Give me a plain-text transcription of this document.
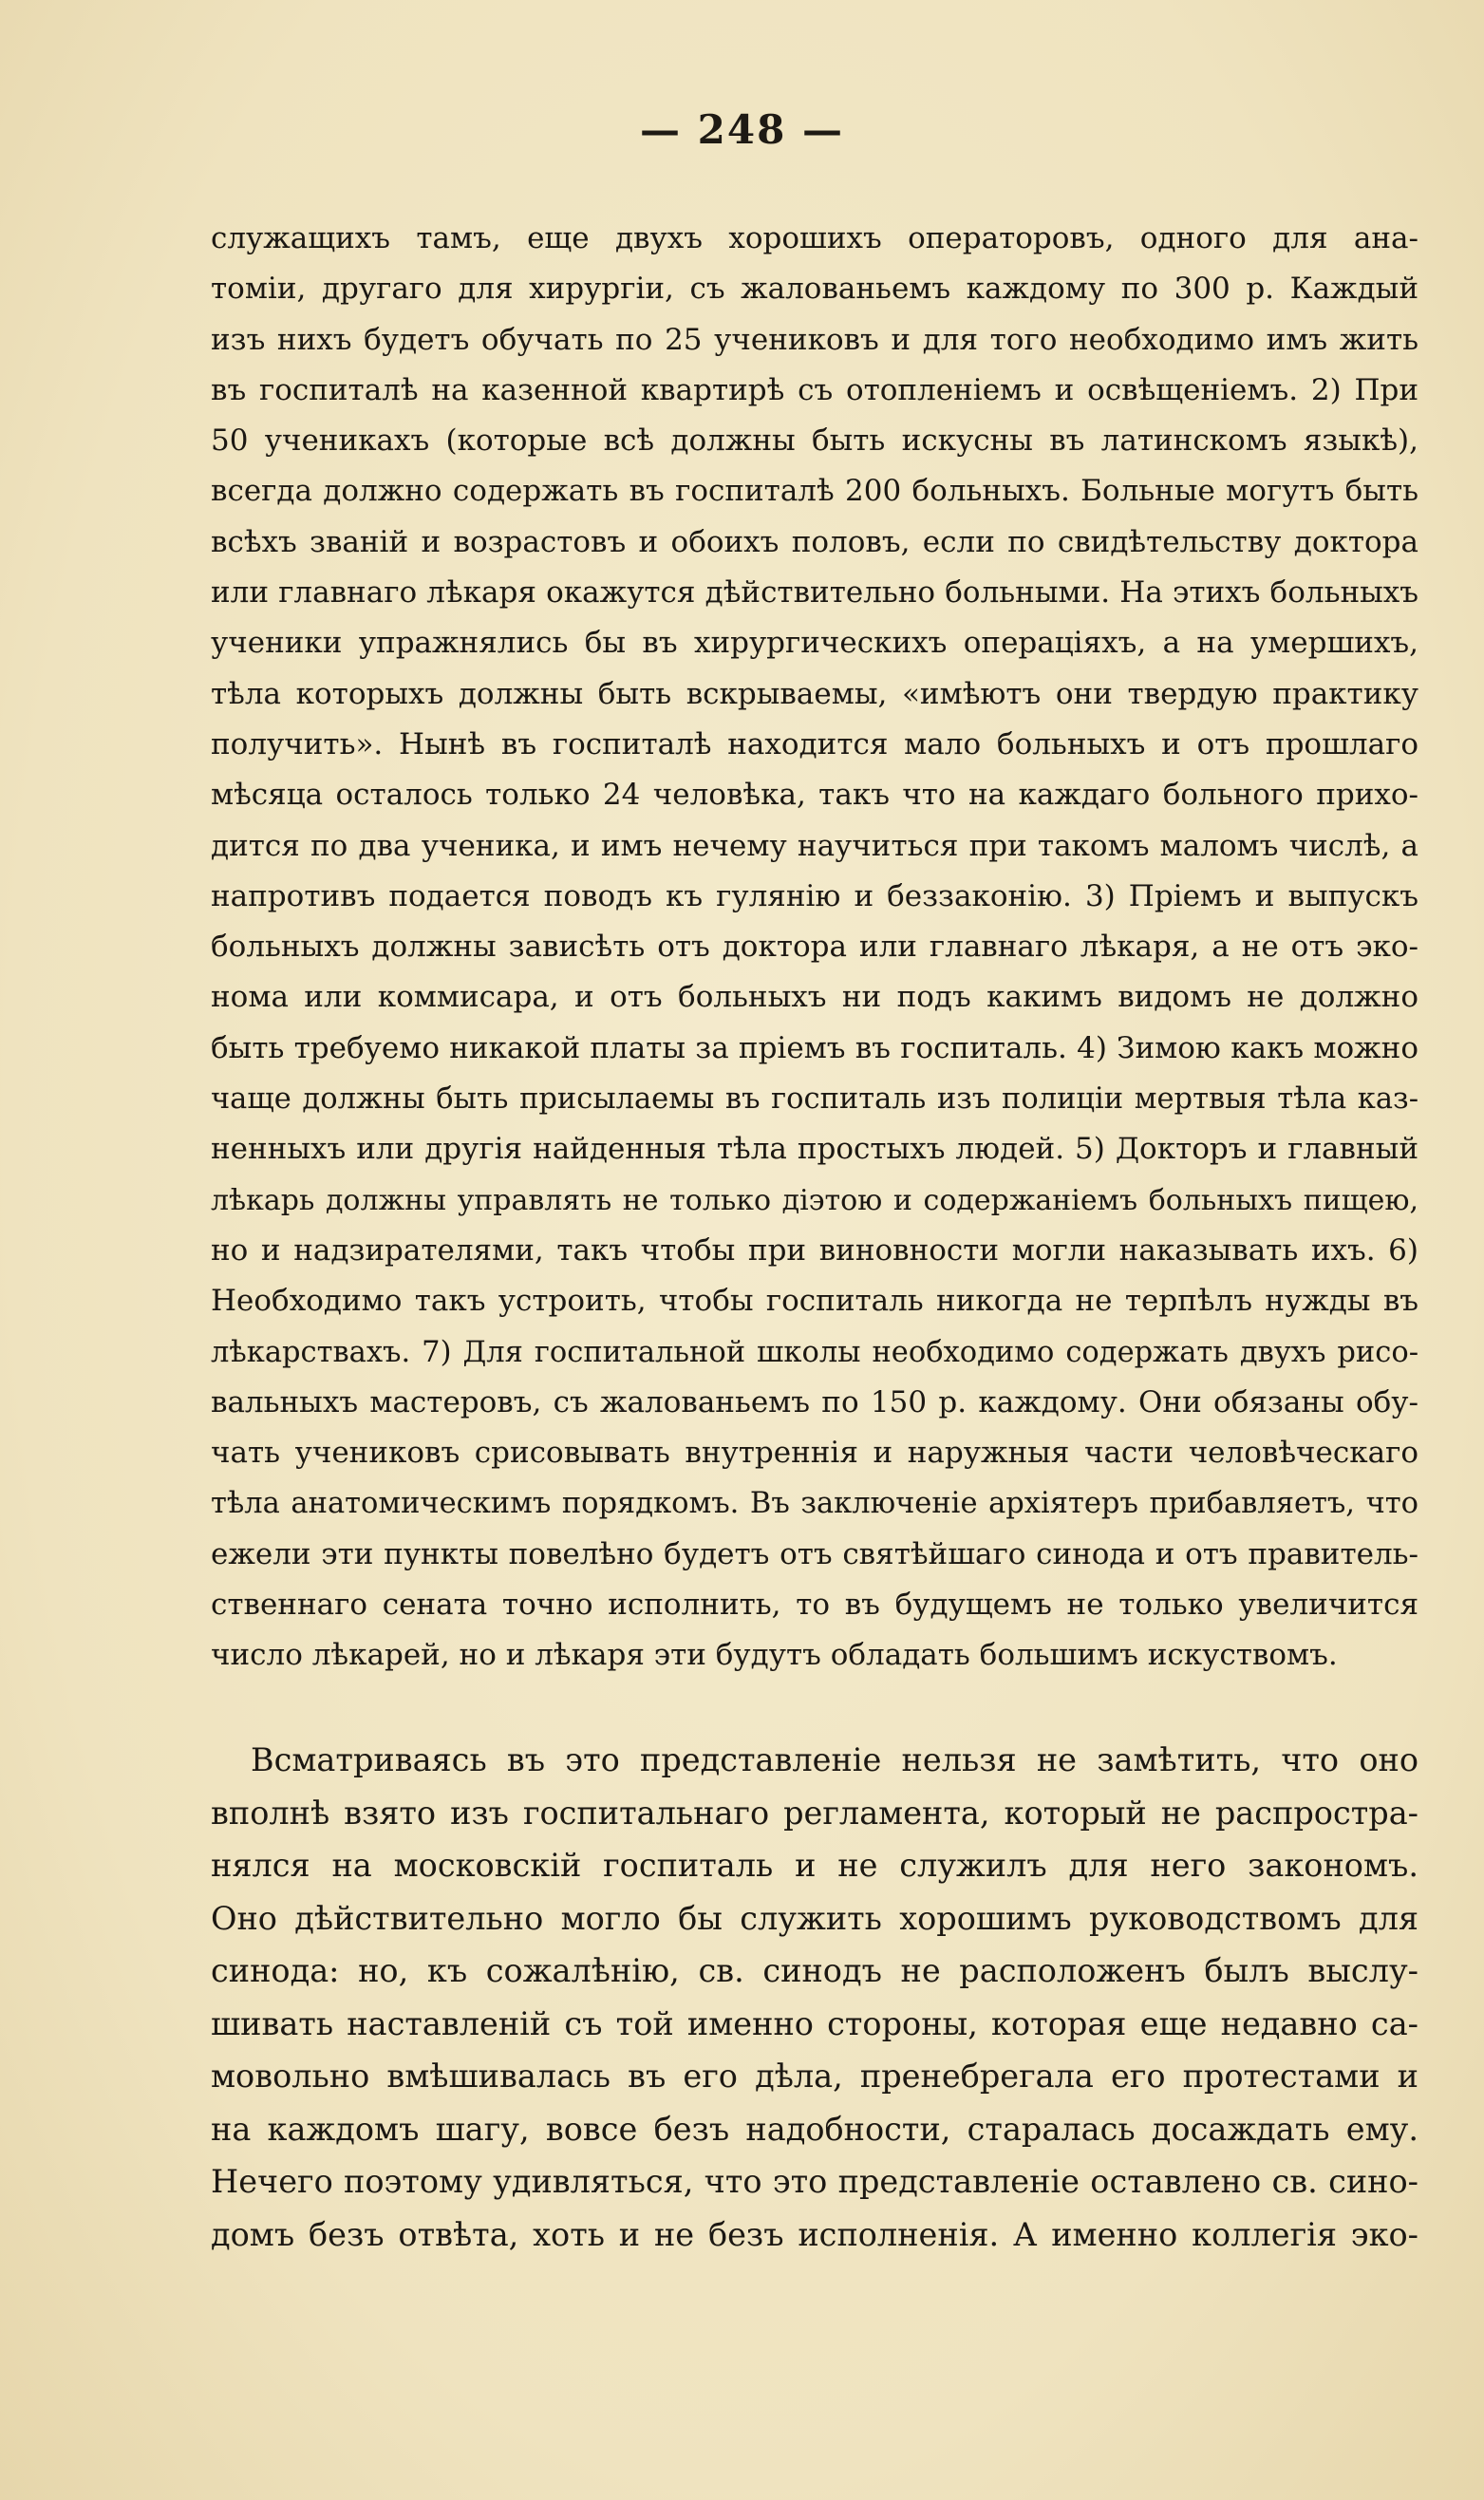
— 248 —
служащихъ тамъ, еще двухъ хорошихъ операторовъ, одного для ана-
томіи, другаго для хирургіи, съ жалованьемъ каждому по 300 р. Каждый
изъ нихъ будетъ обучать по 25 учениковъ и для того необходимо имъ жить
въ госпиталѣ на казенной квартирѣ съ отопленіемъ и освѣщеніемъ. 2) При
50 ученикахъ (которые всѣ должны быть искусны въ латинскомъ языкѣ),
всегда должно содержать въ госпиталѣ 200 больныхъ. Больные могутъ быть
всѣхъ званій и возрастовъ и обоихъ половъ, если по свидѣтельству доктора
или главнаго лѣкаря окажутся дѣйствительно больными. На этихъ больныхъ
ученики упражнялись бы въ хирургическихъ операціяхъ, а на умершихъ,
тѣла которыхъ должны быть вскрываемы, «имѣютъ они твердую практику
получить». Нынѣ въ госпиталѣ находится мало больныхъ и отъ прошлаго
мѣсяца осталось только 24 человѣка, такъ что на каждаго больного прихо-
дится по два ученика, и имъ нечему научиться при такомъ маломъ числѣ, а
напротивъ подается поводъ къ гулянію и беззаконію. 3) Пріемъ и выпускъ
больныхъ должны зависѣть отъ доктора или главнаго лѣкаря, а не отъ эко-
нома или коммисара, и отъ больныхъ ни подъ какимъ видомъ не должно
быть требуемо никакой платы за пріемъ въ госпиталь. 4) Зимою какъ можно
чаще должны быть присылаемы въ госпиталь изъ полиціи мертвыя тѣла каз-
ненныхъ или другія найденныя тѣла простыхъ людей. 5) Докторъ и главный
лѣкарь должны управлять не только діэтою и содержаніемъ больныхъ пищею,
но и надзирателями, такъ чтобы при виновности могли наказывать ихъ. 6)
Необходимо такъ устроить, чтобы госпиталь никогда не терпѣлъ нужды въ
лѣкарствахъ. 7) Для госпитальной школы необходимо содержать двухъ рисо-
вальныхъ мастеровъ, съ жалованьемъ по 150 р. каждому. Они обязаны обу-
чать учениковъ срисовывать внутреннія и наружныя части человѣческаго
тѣла анатомическимъ порядкомъ. Въ заключеніе архіятеръ прибавляетъ, что
ежели эти пункты повелѣно будетъ отъ святѣйшаго синода и отъ правитель-
ственнаго сената точно исполнить, то въ будущемъ не только увеличится
число лѣкарей, но и лѣкаря эти будутъ обладать большимъ искуствомъ.
Всматриваясь въ это представленіе нельзя не замѣтить, что оно
вполнѣ взято изъ госпитальнаго регламента, который не распростра-
нялся на московскій госпиталь и не служилъ для него закономъ.
Оно дѣйствительно могло бы служить хорошимъ руководствомъ для
синода: но, къ сожалѣнію, св. синодъ не расположенъ былъ выслу-
шивать наставленій съ той именно стороны, которая еще недавно са-
мовольно вмѣшивалась въ его дѣла, пренебрегала его протестами и
на каждомъ шагу, вовсе безъ надобности, старалась досаждать ему.
Нечего поэтому удивляться, что это представленіе оставлено св. сино-
домъ безъ отвѣта, хоть и не безъ исполненія. А именно коллегія эко-
